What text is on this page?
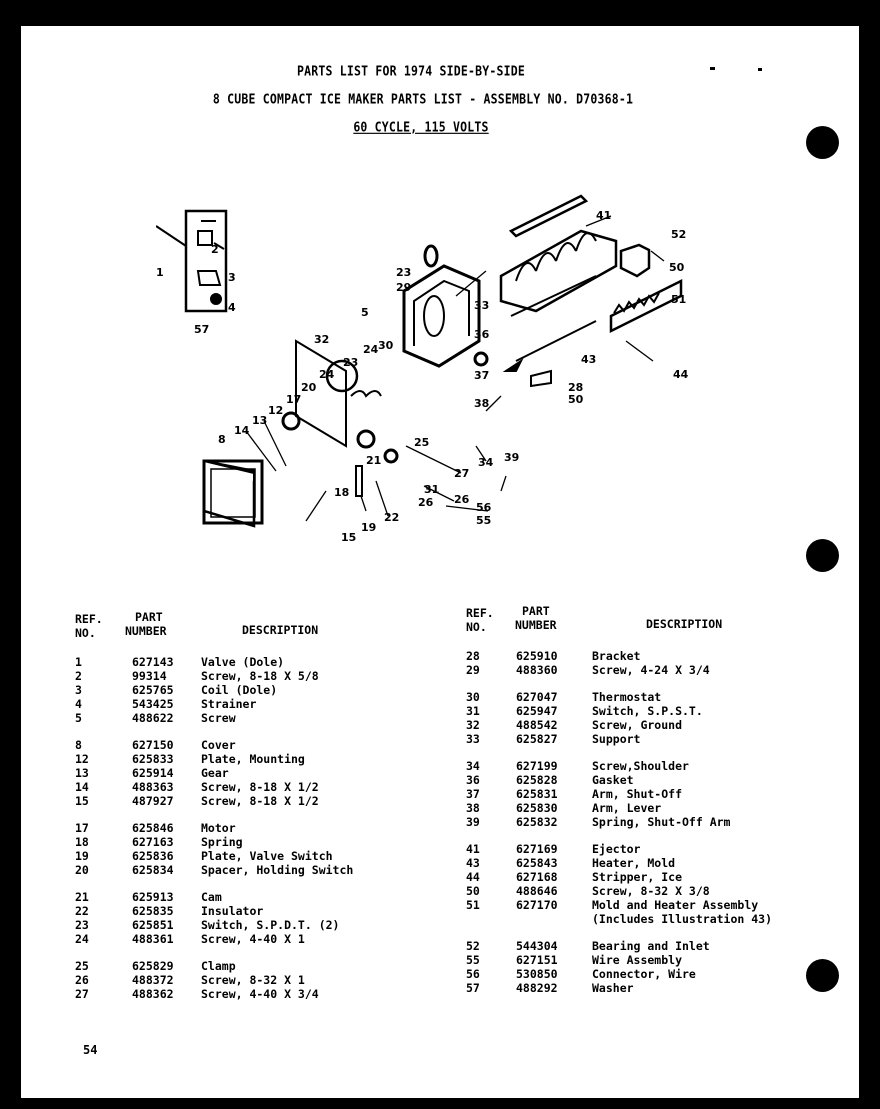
PARTS LIST FOR 1974 SIDE-BY-SIDE
8 CUBE COMPACT ICE MAKER PARTS LIST - ASSEMBLY NO. D70368-1
60 CYCLE, 115 VOLTS
2
3
4
57
1
5
32
23
24
20
17
12
13
14
8
18
19
22
15
21
29
23
24 30
25
26
27
31
26
33
36
37
38
34 39
56
55
41
52
50
51
44
43
28
50
REF.
NO.
PART
NUMBER	DESCRIPTION
1	627143 Valve (Dole)
2	99314	Screw, 8-18 X 5/8
3	625765 Coil (Dole)
4	543425 Strainer
5	488622 Screw
8	627150 Cover
12	625833 Plate, Mounting
13	625914 Gear
14	488363 Screw, 8-18 X 1/2
15	487927 Screw, 8-18 X 1/2
17	625846 Motor
18	627163 Spring
19	625836 Plate, Valve Switch
20	625834 Spacer, Holding Switch
21	625913 Cam
22	625835 Insulator
23	625851 Switch, S.P.D.T. (2)
24	488361 Screw, 4-40 X 1
25	625829 Clamp
26	488372 Screw, 8-32 X 1
27	488362 Screw, 4-40 X 3/4
REF.
NO.
PART
NUMBER	DESCRIPTION
28	625910	Bracket
29	488360	Screw, 4-24 X 3/4
30	627047	Thermostat
31	625947	Switch, S.P.S.T.
32	488542	Screw, Ground
33	625827	Support
34	627199	Screw,Shoulder
36	625828	Gasket
37	625831	Arm, Shut-Off
38	625830	Arm, Lever
39	625832	Spring, Shut-Off Arm
41	627169	Ejector
43	625843	Heater, Mold
44	627168	Stripper, Ice
50	488646	Screw, 8-32 X 3/8
51	627170	Mold and Heater Assembly
(Includes Illustration 43)
52	544304	Bearing and Inlet
55	627151	Wire Assembly
56	530850	Connector, Wire
57	488292	Washer
54
